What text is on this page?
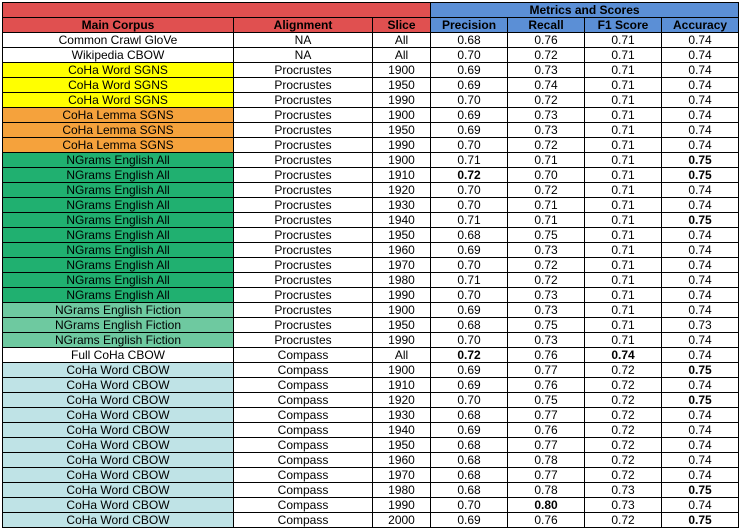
			Metrics and Scores			
Main Corpus	Alignment	Slice	Precision	Recall	F1 Score	Accuracy
Common Crawl GloVe	NA	All	0.68	0.76	0.71	0.74
Wikipedia CBOW	NA	All	0.70	0.72	0.71	0.74
CoHa Word SGNS	Procrustes	1900	0.69	0.73	0.71	0.74
CoHa Word SGNS	Procrustes	1950	0.69	0.74	0.71	0.74
CoHa Word SGNS	Procrustes	1990	0.70	0.72	0.71	0.74
CoHa Lemma SGNS	Procrustes	1900	0.69	0.73	0.71	0.74
CoHa Lemma SGNS	Procrustes	1950	0.69	0.73	0.71	0.74
CoHa Lemma SGNS	Procrustes	1990	0.70	0.72	0.71	0.74
NGrams English All	Procrustes	1900	0.71	0.71	0.71	0.75
NGrams English All	Procrustes	1910	0.72	0.70	0.71	0.75
NGrams English All	Procrustes	1920	0.70	0.72	0.71	0.74
NGrams English All	Procrustes	1930	0.70	0.71	0.71	0.74
NGrams English All	Procrustes	1940	0.71	0.71	0.71	0.75
NGrams English All	Procrustes	1950	0.68	0.75	0.71	0.74
NGrams English All	Procrustes	1960	0.69	0.73	0.71	0.74
NGrams English All	Procrustes	1970	0.70	0.72	0.71	0.74
NGrams English All	Procrustes	1980	0.71	0.72	0.71	0.74
NGrams English All	Procrustes	1990	0.70	0.73	0.71	0.74
NGrams English Fiction	Procrustes	1900	0.69	0.73	0.71	0.74
NGrams English Fiction	Procrustes	1950	0.68	0.75	0.71	0.73
NGrams English Fiction	Procrustes	1990	0.70	0.73	0.71	0.74
Full CoHa CBOW	Compass	All	0.72	0.76	0.74	0.74
CoHa Word CBOW	Compass	1900	0.69	0.77	0.72	0.75
CoHa Word CBOW	Compass	1910	0.69	0.76	0.72	0.74
CoHa Word CBOW	Compass	1920	0.70	0.75	0.72	0.75
CoHa Word CBOW	Compass	1930	0.68	0.77	0.72	0.74
CoHa Word CBOW	Compass	1940	0.69	0.76	0.72	0.74
CoHa Word CBOW	Compass	1950	0.68	0.77	0.72	0.74
CoHa Word CBOW	Compass	1960	0.68	0.78	0.72	0.74
CoHa Word CBOW	Compass	1970	0.68	0.77	0.72	0.74
CoHa Word CBOW	Compass	1980	0.68	0.78	0.73	0.75
CoHa Word CBOW	Compass	1990	0.70	0.80	0.73	0.74
CoHa Word CBOW	Compass	2000	0.69	0.76	0.72	0.75
